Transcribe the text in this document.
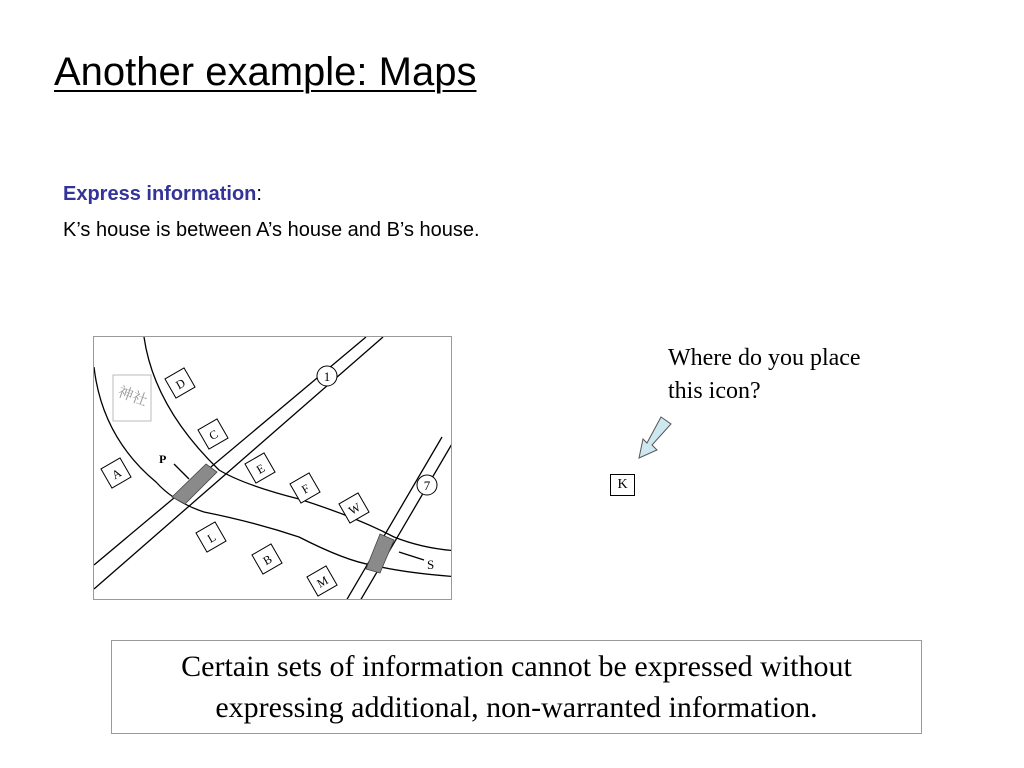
Another example: Maps
Express information:
K’s house is between A’s house and B’s house.
1
7
P
S
神社
D
C
A	E
F
W
L
B
M
Where do you place
this icon?
K
Certain sets of information cannot be expressed without
expressing additional, non-warranted information.
